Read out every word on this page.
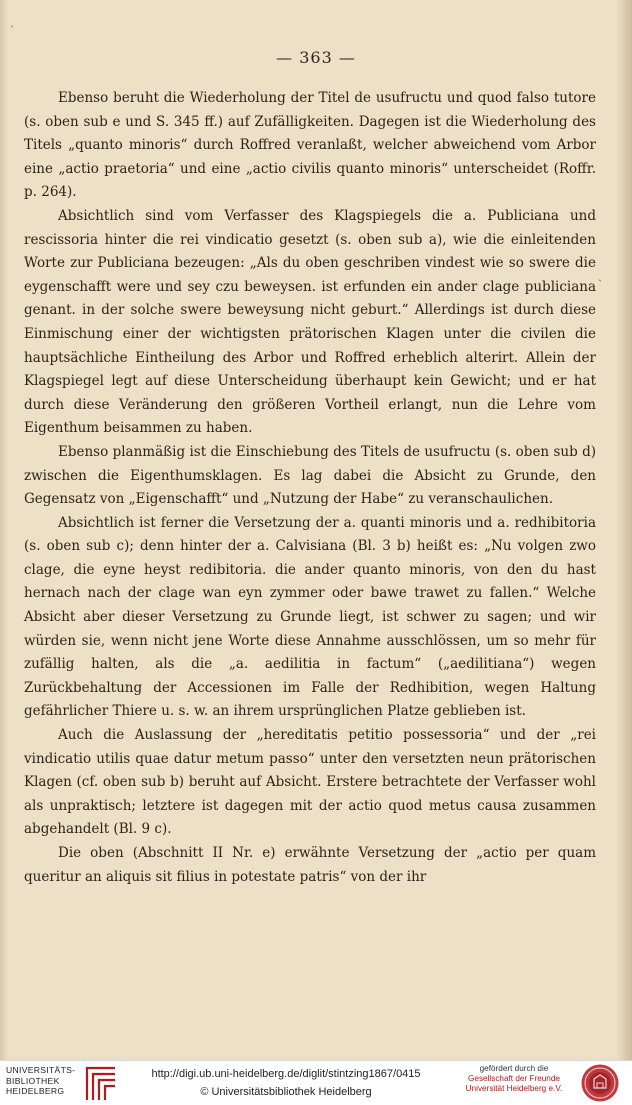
ˎ
ˎ
— 363 —

Ebenso beruht die Wiederholung der Titel de usufructu und quod falso tutore (s. oben sub e und S. 345 ff.) auf Zufälligkeiten. Dagegen ist die Wiederholung des Titels „quanto minoris“ durch Roffred veranlaßt, welcher abweichend vom Arbor eine „actio praetoria“ und eine „actio civilis quanto minoris“ unterscheidet (Roffr. p. 264).

Absichtlich sind vom Verfasser des Klagspiegels die a. Publiciana und rescissoria hinter die rei vindicatio gesetzt (s. oben sub a), wie die einleitenden Worte zur Publiciana bezeugen: „Als du oben geschriben vindest wie so swere die eygenschafft were und sey czu beweysen. ist erfunden ein ander clage publiciana genant. in der solche swere beweysung nicht geburt.“ Allerdings ist durch diese Einmischung einer der wichtigsten prätorischen Klagen unter die civilen die hauptsächliche Eintheilung des Arbor und Roffred erheblich alterirt. Allein der Klagspiegel legt auf diese Unterscheidung überhaupt kein Gewicht; und er hat durch diese Veränderung den größeren Vortheil erlangt, nun die Lehre vom Eigenthum beisammen zu haben.

Ebenso planmäßig ist die Einschiebung des Titels de usufructu (s. oben sub d) zwischen die Eigenthumsklagen. Es lag dabei die Absicht zu Grunde, den Gegensatz von „Eigenschafft“ und „Nutzung der Habe“ zu veranschaulichen.

Absichtlich ist ferner die Versetzung der a. quanti minoris und a. redhibitoria (s. oben sub c); denn hinter der a. Calvisiana (Bl. 3 b) heißt es: „Nu volgen zwo clage, die eyne heyst redibitoria. die ander quanto minoris, von den du hast hernach nach der clage wan eyn zymmer oder bawe trawet zu fallen.“ Welche Absicht aber dieser Versetzung zu Grunde liegt, ist schwer zu sagen; und wir würden sie, wenn nicht jene Worte diese Annahme ausschlössen, um so mehr für zufällig halten, als die „a. aedilitia in factum“ („aedilitiana“) wegen Zurückbehaltung der Accessionen im Falle der Redhibition, wegen Haltung gefährlicher Thiere u. s. w. an ihrem ursprünglichen Platze geblieben ist.

Auch die Auslassung der „hereditatis petitio possessoria“ und der „rei vindicatio utilis quae datur metum passo“ unter den versetzten neun prätorischen Klagen (cf. oben sub b) beruht auf Absicht. Erstere betrachtete der Verfasser wohl als unpraktisch; letztere ist dagegen mit der actio quod metus causa zusammen abgehandelt (Bl. 9 c).

Die oben (Abschnitt II Nr. e) erwähnte Versetzung der „actio per quam queritur an aliquis sit filius in potestate patris“ von der ihr

UNIVERSITÄTS-
BIBLIOTHEK
HEIDELBERG
http://digi.ub.uni-heidelberg.de/diglit/stintzing1867/0415
© Universitätsbibliothek Heidelberg
gefördert durch die
Gesellschaft der Freunde
Universität Heidelberg e.V.
